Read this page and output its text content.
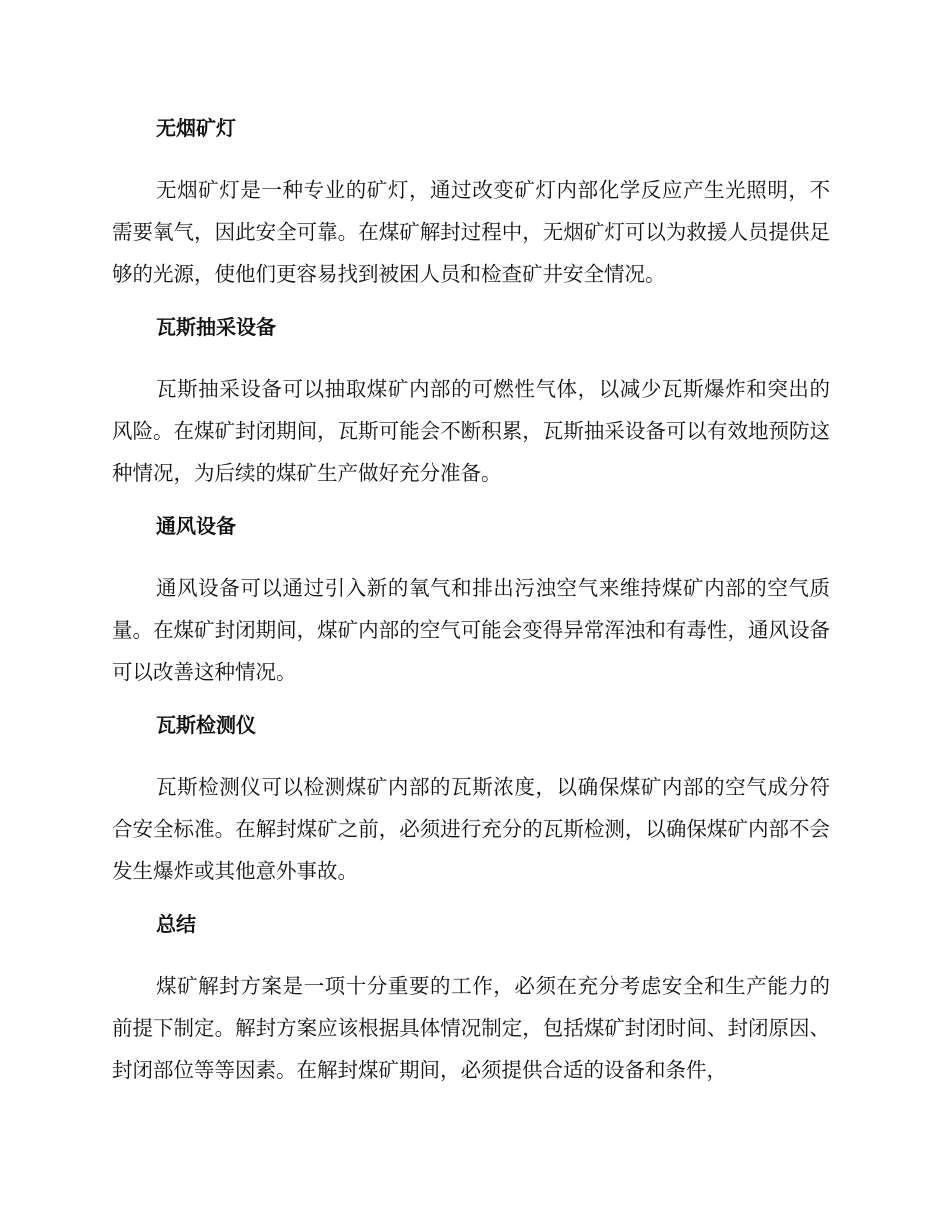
无烟矿灯

无烟矿灯是一种专业的矿灯，通过改变矿灯内部化学反应产生光照明，不需要氧气，因此安全可靠。在煤矿解封过程中，无烟矿灯可以为救援人员提供足够的光源，使他们更容易找到被困人员和检查矿井安全情况。

瓦斯抽采设备

瓦斯抽采设备可以抽取煤矿内部的可燃性气体，以减少瓦斯爆炸和突出的风险。在煤矿封闭期间，瓦斯可能会不断积累，瓦斯抽采设备可以有效地预防这种情况，为后续的煤矿生产做好充分准备。

通风设备

通风设备可以通过引入新的氧气和排出污浊空气来维持煤矿内部的空气质量。在煤矿封闭期间，煤矿内部的空气可能会变得异常浑浊和有毒性，通风设备可以改善这种情况。

瓦斯检测仪

瓦斯检测仪可以检测煤矿内部的瓦斯浓度，以确保煤矿内部的空气成分符合安全标准。在解封煤矿之前，必须进行充分的瓦斯检测，以确保煤矿内部不会发生爆炸或其他意外事故。

总结

煤矿解封方案是一项十分重要的工作，必须在充分考虑安全和生产能力的前提下制定。解封方案应该根据具体情况制定，包括煤矿封闭时间、封闭原因、封闭部位等等因素。在解封煤矿期间，必须提供合适的设备和条件，
